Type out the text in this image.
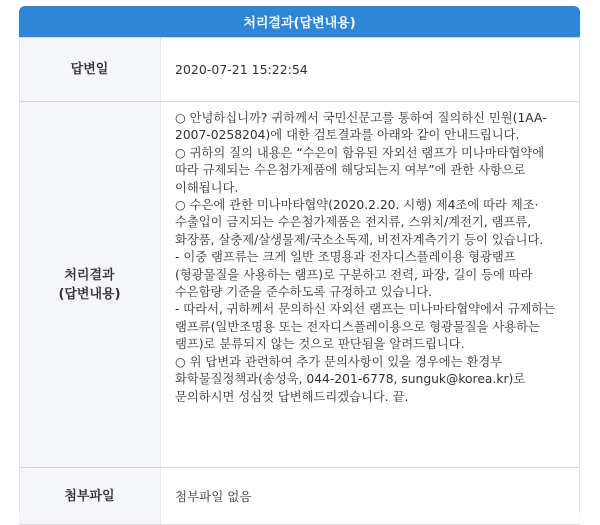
처리결과(답변내용)
답변일	2020-07-21 15:22:54
처리결과
(답변내용)
○ 안녕하십니까? 귀하께서 국민신문고를 통하여 질의하신 민원(1AA-2007-0258204)에 대한 검토결과를 아래와 같이 안내드립니다.
○ 귀하의 질의 내용은 “수은이 함유된 자외선 램프가 미나마타협약에 따라 규제되는 수은첨가제품에 해당되는지 여부”에 관한 사항으로 이해됩니다.
○ 수은에 관한 미나마타협약(2020.2.20. 시행) 제4조에 따라 제조·수출입이 금지되는 수은첨가제품은 전지류, 스위치/계전기, 램프류, 화장품, 살충제/살생물제/국소소독제, 비전자계측기기 등이 있습니다.
- 이중 램프류는 크게 일반 조명용과 전자디스플레이용 형광램프(형광물질을 사용하는 램프)로 구분하고 전력, 파장, 길이 등에 따라 수은함량 기준을 준수하도록 규정하고 있습니다.
- 따라서, 귀하께서 문의하신 자외선 램프는 미나마타협약에서 규제하는 램프류(일반조명용 또는 전자디스플레이용으로 형광물질을 사용하는 램프)로 분류되지 않는 것으로 판단됨을 알려드립니다.
○ 위 답변과 관련하여 추가 문의사항이 있을 경우에는 환경부 화학물질정책과(송성욱, 044-201-6778, sunguk@korea.kr)로 문의하시면 성심껏 답변해드리겠습니다. 끝.
첨부파일	첨부파일 없음
